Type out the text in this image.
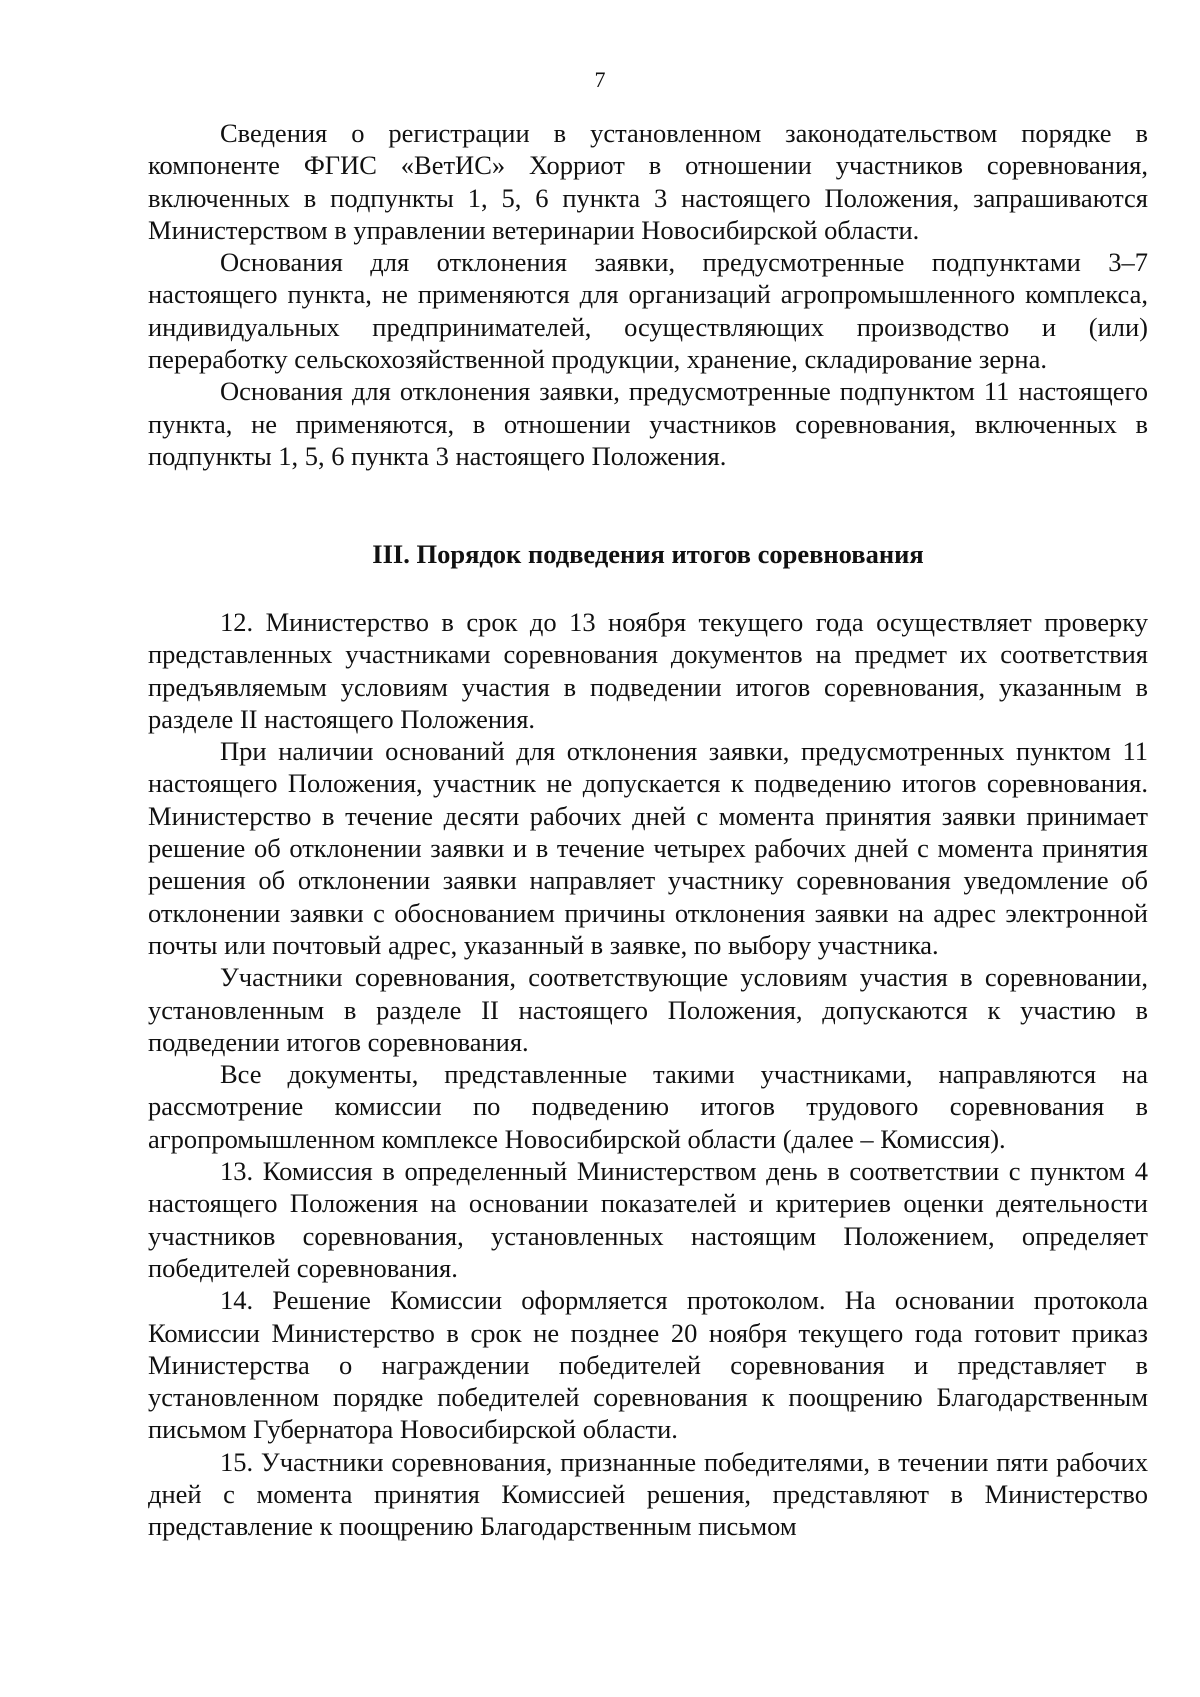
7

Сведения о регистрации в установленном законодательством порядке в компоненте ФГИС «ВетИС» Хорриот в отношении участников соревнования, включенных в подпункты 1, 5, 6 пункта 3 настоящего Положения, запрашиваются Министерством в управлении ветеринарии Новосибирской области.

Основания для отклонения заявки, предусмотренные подпунктами 3–7 настоящего пункта, не применяются для организаций агропромышленного комплекса, индивидуальных предпринимателей, осуществляющих производство и (или) переработку сельскохозяйственной продукции, хранение, складирование зерна.

Основания для отклонения заявки, предусмотренные подпунктом 11 настоящего пункта, не применяются, в отношении участников соревнования, включенных в подпункты 1, 5, 6 пункта 3 настоящего Положения.

III. Порядок подведения итогов соревнования

12. Министерство в срок до 13 ноября текущего года осуществляет проверку представленных участниками соревнования документов на предмет их соответствия предъявляемым условиям участия в подведении итогов соревнования, указанным в разделе II настоящего Положения.

При наличии оснований для отклонения заявки, предусмотренных пунктом 11 настоящего Положения, участник не допускается к подведению итогов соревнования. Министерство в течение десяти рабочих дней с момента принятия заявки принимает решение об отклонении заявки и в течение четырех рабочих дней с момента принятия решения об отклонении заявки направляет участнику соревнования уведомление об отклонении заявки с обоснованием причины отклонения заявки на адрес электронной почты или почтовый адрес, указанный в заявке, по выбору участника.

Участники соревнования, соответствующие условиям участия в соревновании, установленным в разделе II настоящего Положения, допускаются к участию в подведении итогов соревнования.

Все документы, представленные такими участниками, направляются на рассмотрение комиссии по подведению итогов трудового соревнования в агропромышленном комплексе Новосибирской области (далее – Комиссия).

13. Комиссия в определенный Министерством день в соответствии с пунктом 4 настоящего Положения на основании показателей и критериев оценки деятельности участников соревнования, установленных настоящим Положением, определяет победителей соревнования.

14. Решение Комиссии оформляется протоколом. На основании протокола Комиссии Министерство в срок не позднее 20 ноября текущего года готовит приказ Министерства о награждении победителей соревнования и представляет в установленном порядке победителей соревнования к поощрению Благодарственным письмом Губернатора Новосибирской области.

15. Участники соревнования, признанные победителями, в течении пяти рабочих дней с момента принятия Комиссией решения, представляют в Министерство представление к поощрению Благодарственным письмом
